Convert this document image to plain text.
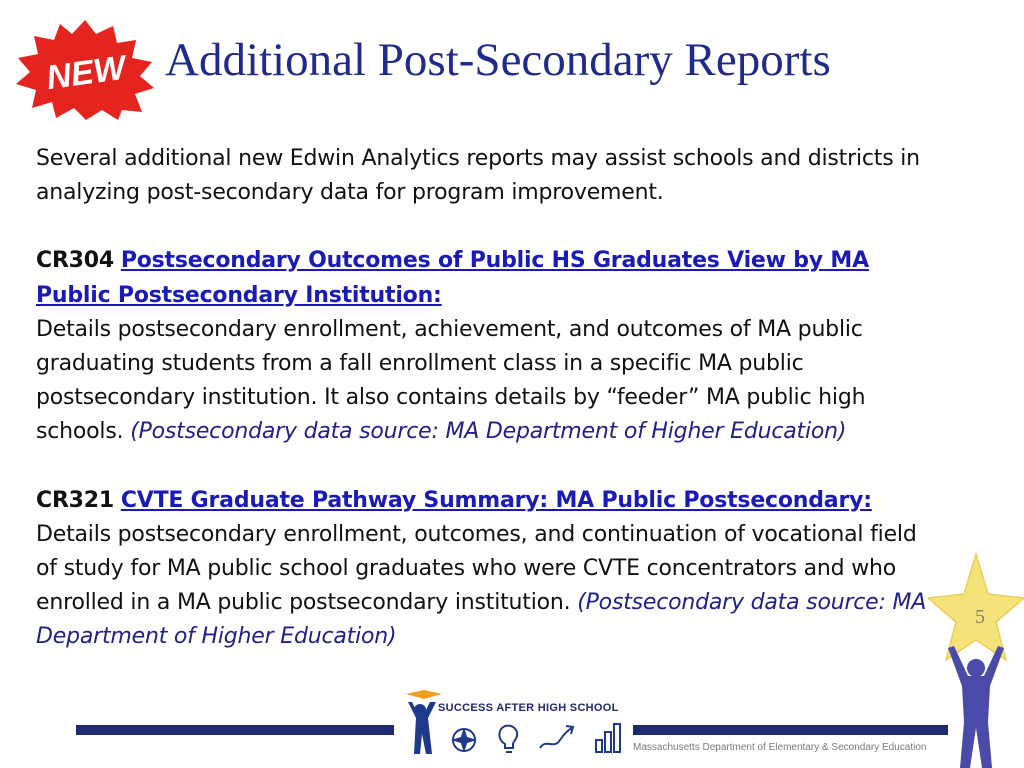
NEW Additional Post-Secondary Reports

Several additional new Edwin Analytics reports may assist schools and districts in analyzing post-secondary data for program improvement.

CR304 Postsecondary Outcomes of Public HS Graduates View by MA Public Postsecondary Institution:
Details postsecondary enrollment, achievement, and outcomes of MA public graduating students from a fall enrollment class in a specific MA public postsecondary institution. It also contains details by “feeder” MA public high schools. (Postsecondary data source: MA Department of Higher Education)

CR321 CVTE Graduate Pathway Summary: MA Public Postsecondary:
Details postsecondary enrollment, outcomes, and continuation of vocational field of study for MA public school graduates who were CVTE concentrators and who enrolled in a MA public postsecondary institution. (Postsecondary data source: MA Department of Higher Education)

SUCCESS AFTER HIGH SCHOOL
Massachusetts Department of Elementary & Secondary Education
5
